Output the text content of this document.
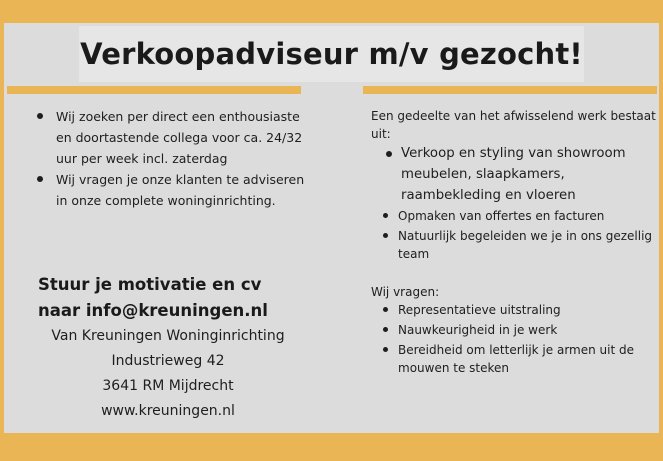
Verkoopadviseur m/v gezocht!
Wij zoeken per direct een enthousiaste en doortastende collega voor ca. 24/32 uur per week incl. zaterdag
Wij vragen je onze klanten te adviseren in onze complete woninginrichting.
Stuur je motivatie en cv
naar info@kreuningen.nl
Van Kreuningen Woninginrichting
Industrieweg 42
3641 RM Mijdrecht
www.kreuningen.nl

Een gedeelte van het afwisselend werk bestaat uit:

Verkoop en styling van showroom meubelen, slaapkamers, raambekleding en vloeren
Opmaken van offertes en facturen
Natuurlijk begeleiden we je in ons gezellig team

Wij vragen:

Representatieve uitstraling
Nauwkeurigheid in je werk
Bereidheid om letterlijk je armen uit de mouwen te steken
